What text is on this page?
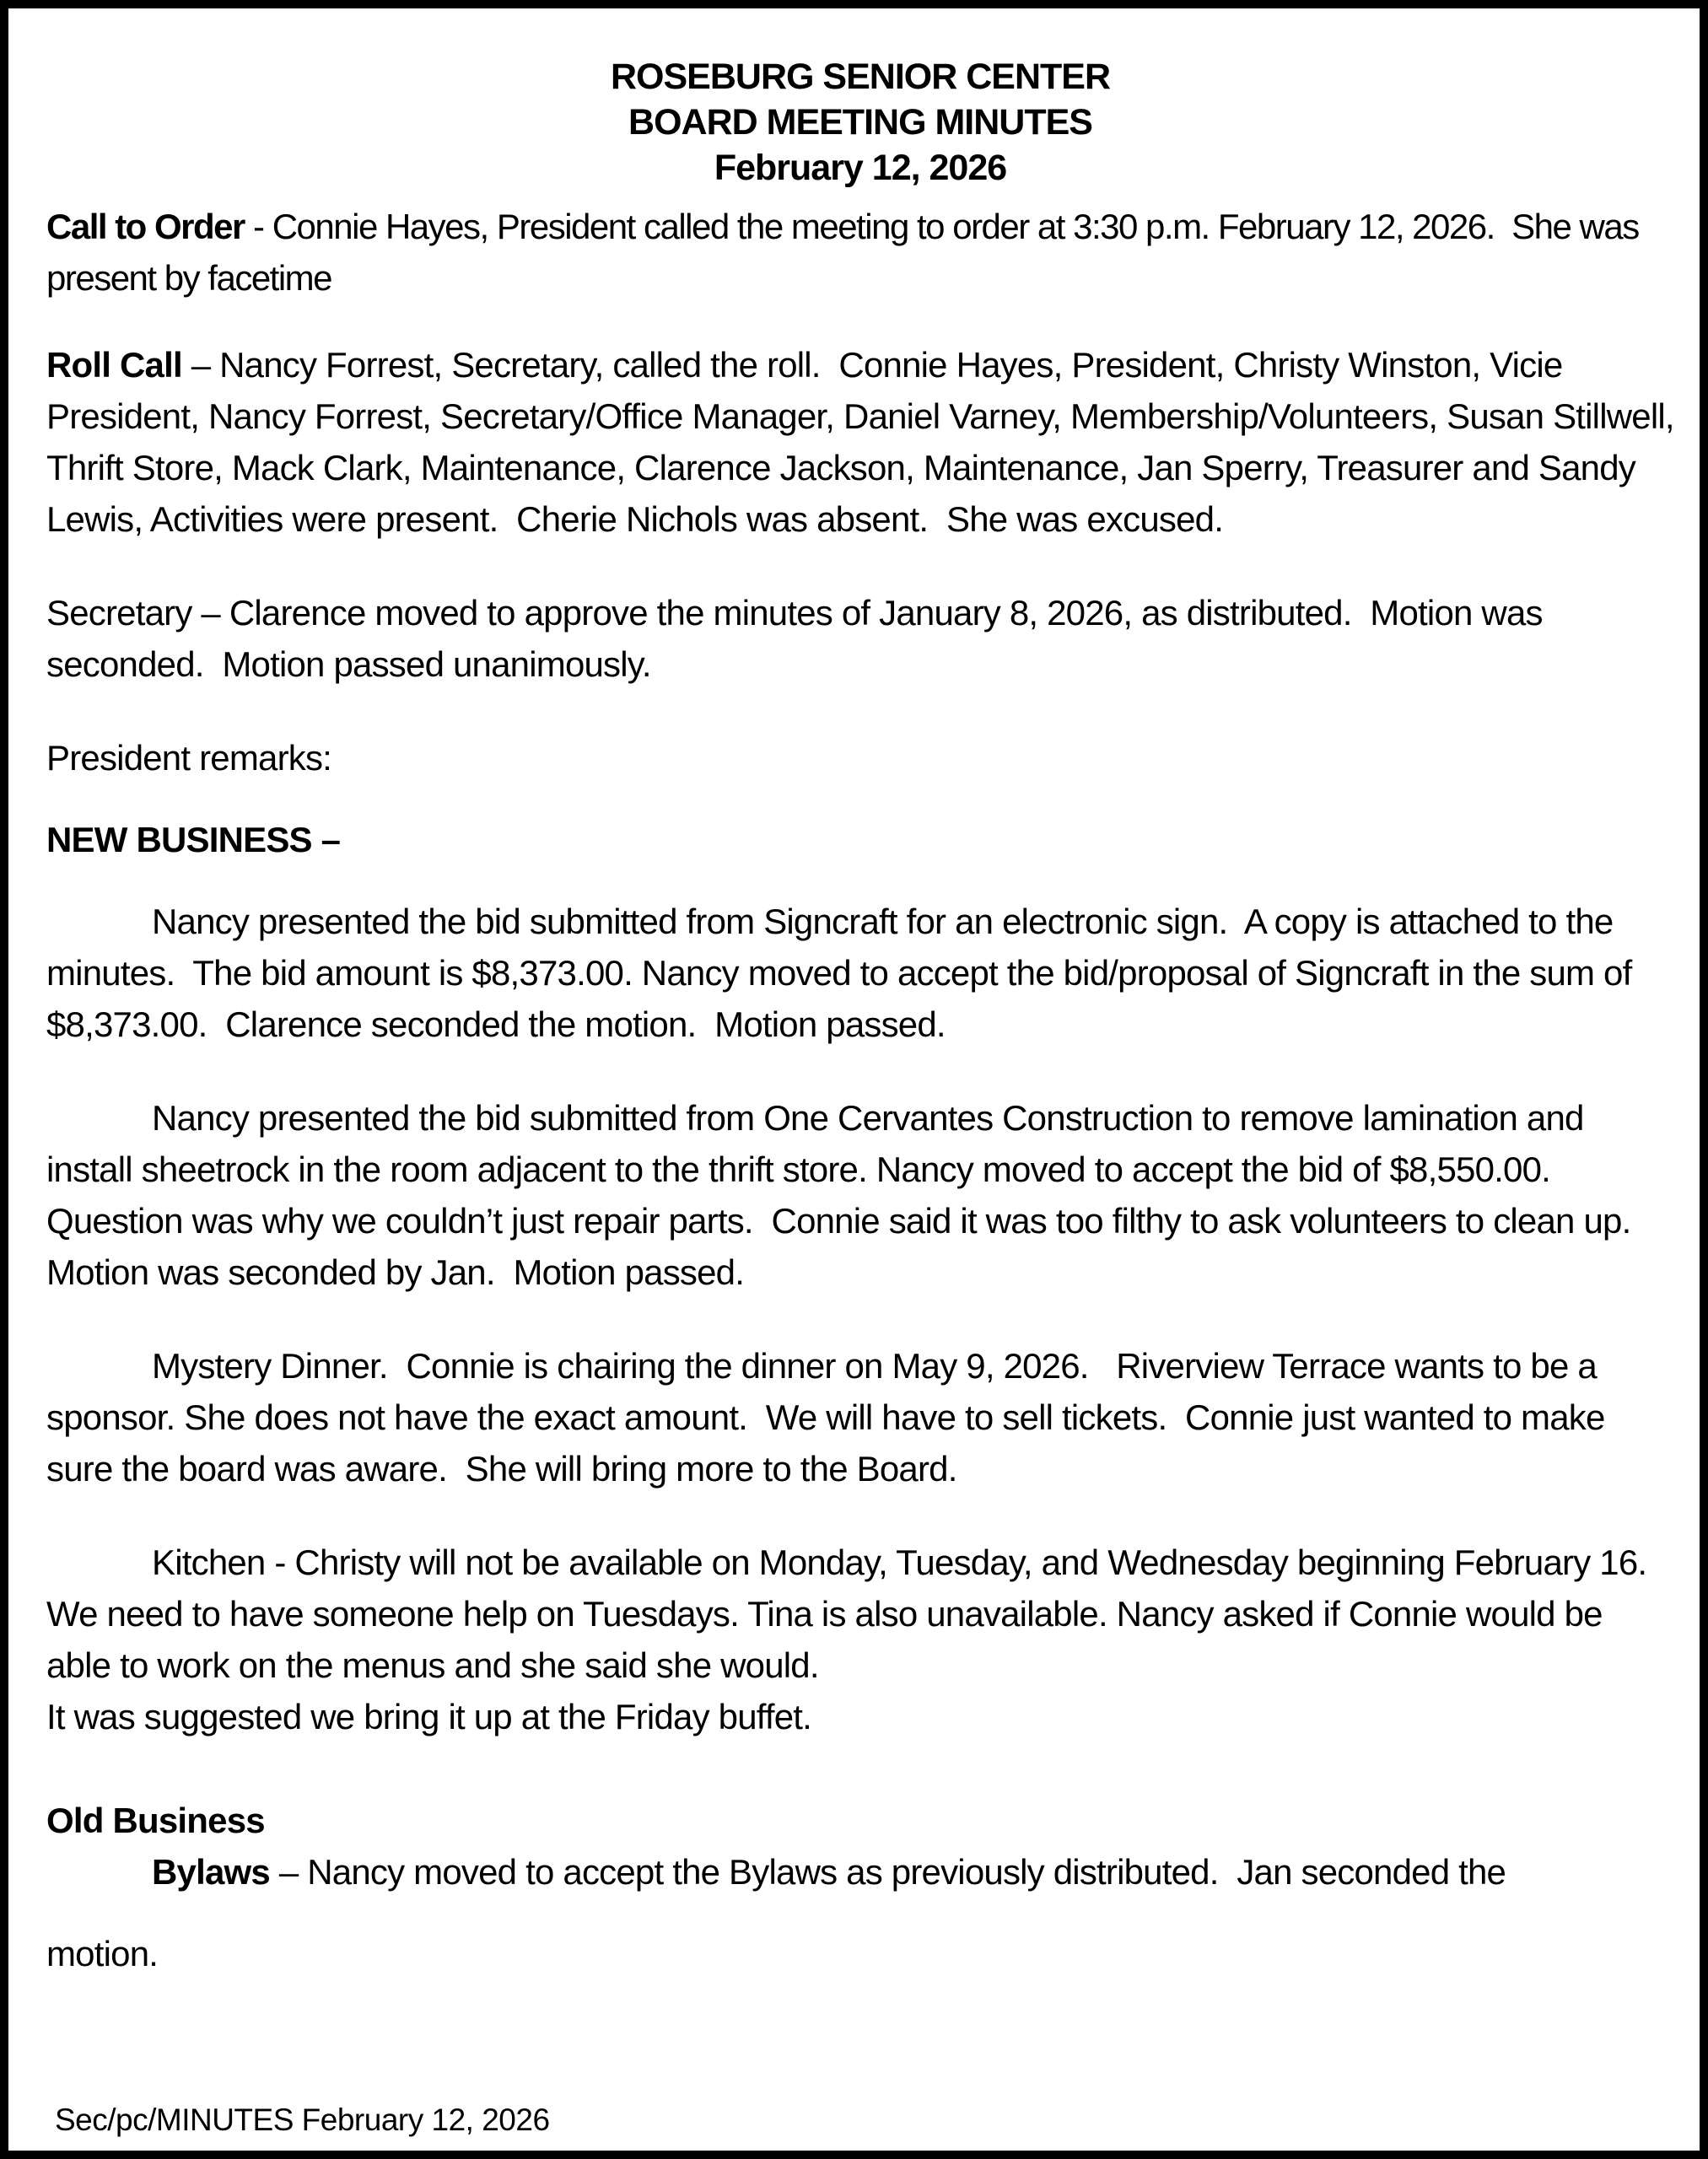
ROSEBURG SENIOR CENTER
BOARD MEETING MINUTES
February 12, 2026

Call to Order - Connie Hayes, President called the meeting to order at 3:30 p.m. February 12, 2026.  She was present by facetime

Roll Call – Nancy Forrest, Secretary, called the roll.  Connie Hayes, President, Christy Winston, Vicie President, Nancy Forrest, Secretary/Office Manager, Daniel Varney, Membership/Volunteers, Susan Stillwell, Thrift Store, Mack Clark, Maintenance, Clarence Jackson, Maintenance, Jan Sperry, Treasurer and Sandy Lewis, Activities were present.  Cherie Nichols was absent.  She was excused.

Secretary – Clarence moved to approve the minutes of January 8, 2026, as distributed.  Motion was seconded.  Motion passed unanimously.

President remarks:

NEW BUSINESS –

Nancy presented the bid submitted from Signcraft for an electronic sign.  A copy is attached to the minutes.  The bid amount is $8,373.00. Nancy moved to accept the bid/proposal of Signcraft in the sum of $8,373.00.  Clarence seconded the motion.  Motion passed.

Nancy presented the bid submitted from One Cervantes Construction to remove lamination and install sheetrock in the room adjacent to the thrift store. Nancy moved to accept the bid of $8,550.00.  Question was why we couldn’t just repair parts.  Connie said it was too filthy to ask volunteers to clean up.  Motion was seconded by Jan.  Motion passed.

Mystery Dinner.  Connie is chairing the dinner on May 9, 2026.   Riverview Terrace wants to be a sponsor. She does not have the exact amount.  We will have to sell tickets.  Connie just wanted to make sure the board was aware.  She will bring more to the Board.

Kitchen - Christy will not be available on Monday, Tuesday, and Wednesday beginning February 16.  We need to have someone help on Tuesdays. Tina is also unavailable. Nancy asked if Connie would be able to work on the menus and she said she would.
It was suggested we bring it up at the Friday buffet.

Old Business

Bylaws – Nancy moved to accept the Bylaws as previously distributed.  Jan seconded the

motion.

Sec/pc/MINUTES February 12, 2026
